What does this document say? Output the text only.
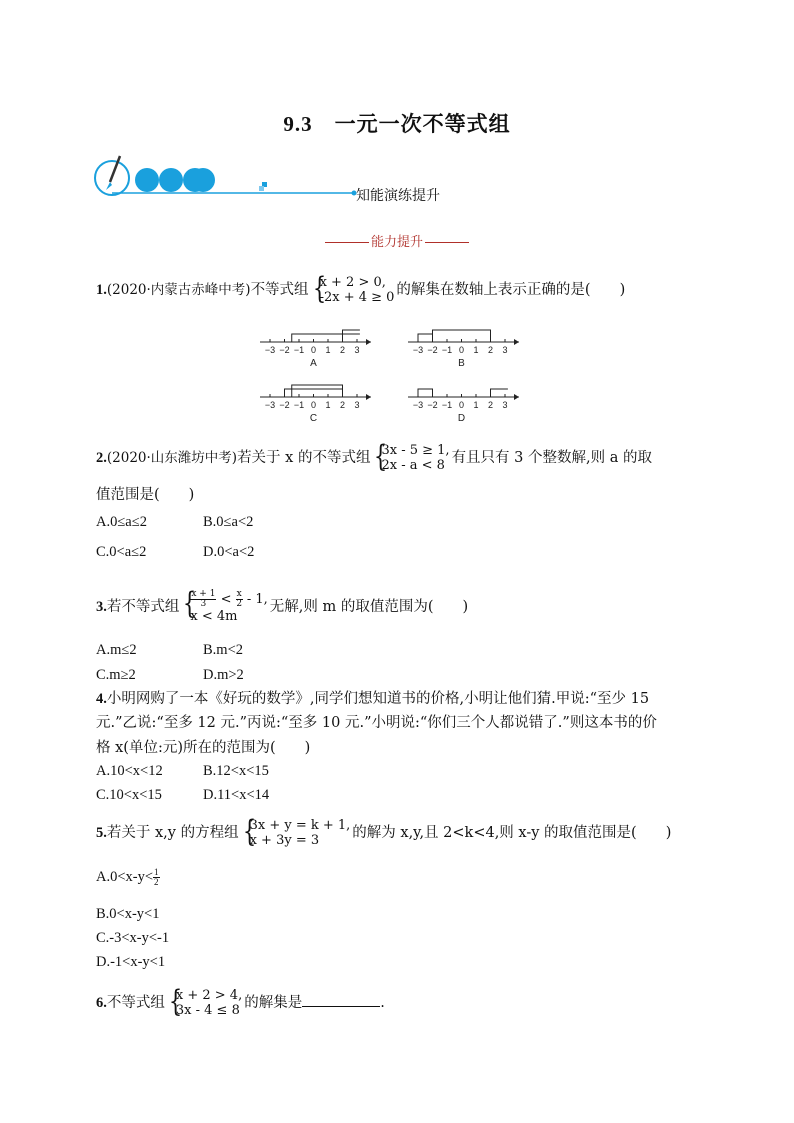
9.3 一元一次不等式组
知能演练提升
能力提升
1.(2020·内蒙古赤峰中考)不等式组 {
x + 2 > 0,
-2x + 4 ≥ 0 的解集在数轴上表示正确的是(　　)
−3 −2 −1 0 1 2 3
A
−3 −2 −1 0 1 2 3
B
−3 −2 −1 0 1 2 3
C
−3 −2 −1 0 1 2 3
D
2.(2020·山东潍坊中考)若关于 x 的不等式组 {
3x - 5 ≥ 1,
2x - a < 8 有且只有 3 个整数解,则 a 的取
值范围是(　　)
A.0≤a≤2	B.0≤a<2
C.0<a≤2	D.0<a<2
3.若不等式组 {
$\frac{x + 1}{3} < \frac{x}{2} - 1$,
x < 4m
无解,则 m 的取值范围为(　　)
A.m≤2	B.m<2
C.m≥2	D.m>2
4.小明网购了一本《好玩的数学》,同学们想知道书的价格,小明让他们猜.甲说:“至少 15
元.”乙说:“至多 12 元.”丙说:“至多 10 元.”小明说:“你们三个人都说错了.”则这本书的价
格 x(单位:元)所在的范围为(　　)
A.10<x<12	B.12<x<15
C.10<x<15	D.11<x<14
5.若关于 x,y 的方程组 {
3x + y = k + 1,
x + 3y = 3	的解为 x,y,且 2<k<4,则 x-y 的取值范围是(　　)
$A.0<x-y< \frac{1}{2}$
B.0<x-y<1
C.-3<x-y<-1
D.-1<x-y<1
6.不等式组 {
x + 2 > 4,
3x - 4 ≤ 8 的解集是	.
